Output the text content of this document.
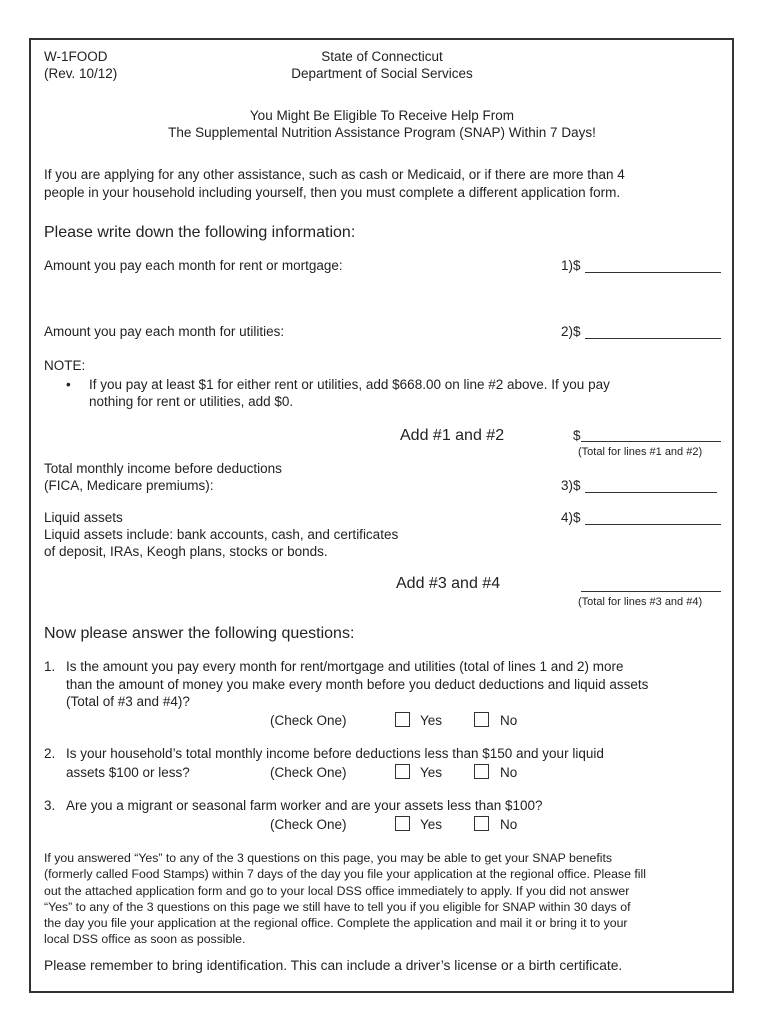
W-1FOOD
(Rev. 10/12)
State of Connecticut
Department of Social Services
You Might Be Eligible To Receive Help From
The Supplemental Nutrition Assistance Program (SNAP) Within 7 Days!
If you are applying for any other assistance, such as cash or Medicaid, or if there are more than 4
people in your household including yourself, then you must complete a different application form.
Please write down the following information:
Amount you pay each month for rent or mortgage:	1)$
Amount you pay each month for utilities:	2)$
NOTE:
• If you pay at least $1 for either rent or utilities, add $668.00 on line #2 above. If you pay
nothing for rent or utilities, add $0.
Add #1 and #2	$
(Total for lines #1 and #2)
Total monthly income before deductions
(FICA, Medicare premiums):	3)$
Liquid assets
Liquid assets include: bank accounts, cash, and certificates
of deposit, IRAs, Keogh plans, stocks or bonds.
4)$
Add #3 and #4
(Total for lines #3 and #4)
Now please answer the following questions:
1. Is the amount you pay every month for rent/mortgage and utilities (total of lines 1 and 2) more
than the amount of money you make every month before you deduct deductions and liquid assets
(Total of #3 and #4)?
(Check One)	Yes	No
2. Is your household’s total monthly income before deductions less than $150 and your liquid
assets $100 or less?	(Check One)	Yes	No
3. Are you a migrant or seasonal farm worker and are your assets less than $100?
(Check One)	Yes	No
If you answered “Yes” to any of the 3 questions on this page, you may be able to get your SNAP benefits
(formerly called Food Stamps) within 7 days of the day you file your application at the regional office. Please fill
out the attached application form and go to your local DSS office immediately to apply. If you did not answer
“Yes” to any of the 3 questions on this page we still have to tell you if you eligible for SNAP within 30 days of
the day you file your application at the regional office. Complete the application and mail it or bring it to your
local DSS office as soon as possible.
Please remember to bring identification. This can include a driver’s license or a birth certificate.
